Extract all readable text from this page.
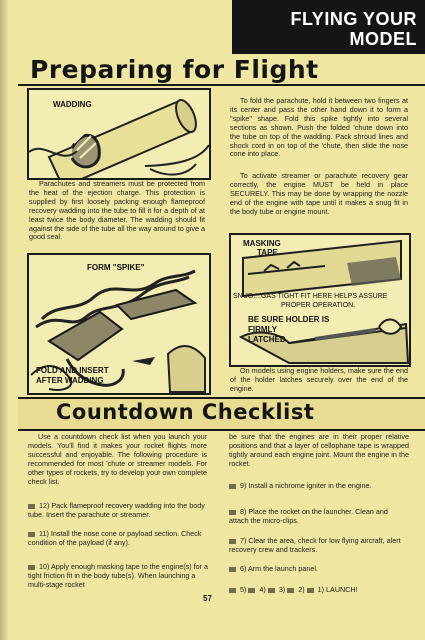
FLYING YOUR
MODEL
Preparing for Flight
WADDING

Parachutes and streamers must be protected from the heat of the ejection charge. This protection is supplied by first loosely packing enough flameproof recovery wadding into the tube to fill it for a depth of at least twice the body diameter. The wadding should fit against the side of the tube all the way around to give a good seal.

FORM "SPIKE"
FOLD AND INSERT
AFTER WADDING

To fold the parachute, hold it between two fingers at its center and pass the other hand down it to form a "spike" shape. Fold this spike tightly into several sections as shown. Push the folded 'chute down into the tube on top of the wadding. Pack shroud lines and shock cord in on top of the 'chute, then slide the nose cone into place.

To activate streamer or parachute recovery gear correctly, the engine MUST be held in place SECURELY. This may be done by wrapping the nozzle end of the engine with tape until it makes a snug fit in the body tube or engine mount.

MASKING
TAPE
SNUG....GAS TIGHT FIT HERE HELPS ASSURE
PROPER OPERATION.
BE SURE HOLDER IS
FIRMLY
LATCHED

On models using engine holders, make sure the end of the holder latches securely over the end of the engine.

Countdown Checklist

Use a countdown check list when you launch your models. You'll find it makes your rocket flights more successful and enjoyable. The following procedure is recommended for most 'chute or streamer models. For other types of rockets, try to develop your own complete check list.

12) Pack flameproof recovery wadding into the body tube. Insert the parachute or streamer.

11) Install the nose cone or payload section. Check condition of the payload (if any).

10) Apply enough masking tape to the engine(s) for a tight friction fit in the body tube(s). When launching a multi-stage rocket

be sure that the engines are in their proper relative positions and that a layer of cellophane tape is wrapped tightly around each engine joint. Mount the engine in the rocket.

9) Install a nichrome igniter in the engine.

8) Place the rocket on the launcher. Clean and attach the micro-clips.

7) Clear the area, check for low flying aircraft, alert recovery crew and trackers.

6) Arm the launch panel.

5) 4) 3) 2) 1) LAUNCH!
57
